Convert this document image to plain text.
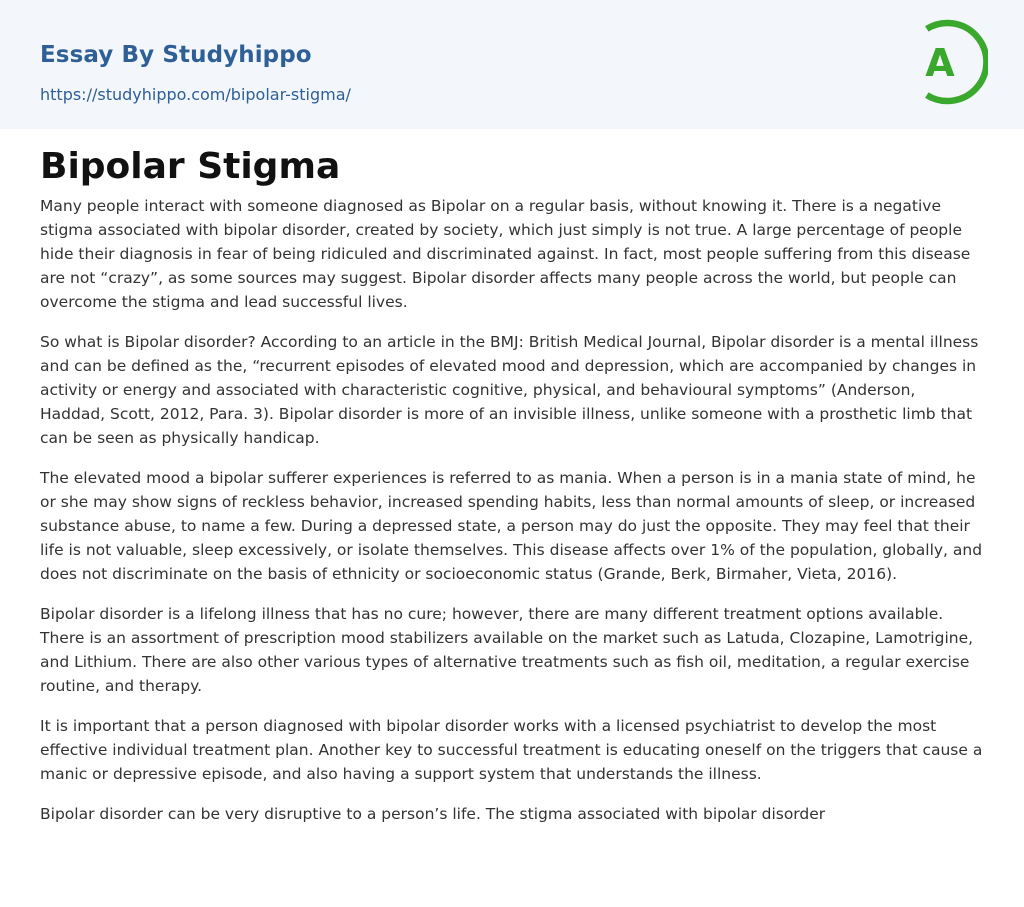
Essay By Studyhippo
https://studyhippo.com/bipolar-stigma/
A
Bipolar Stigma

Many people interact with someone diagnosed as Bipolar on a regular basis, without knowing it. There is a negative stigma associated with bipolar disorder, created by society, which just simply is not true. A large percentage of people hide their diagnosis in fear of being ridiculed and discriminated against. In fact, most people suffering from this disease are not “crazy”, as some sources may suggest. Bipolar disorder affects many people across the world, but people can overcome the stigma and lead successful lives.

So what is Bipolar disorder? According to an article in the BMJ: British Medical Journal, Bipolar disorder is a mental illness and can be defined as the, “recurrent episodes of elevated mood and depression, which are accompanied by changes in activity or energy and associated with characteristic cognitive, physical, and behavioural symptoms” (Anderson, Haddad, Scott, 2012, Para. 3). Bipolar disorder is more of an invisible illness, unlike someone with a prosthetic limb that can be seen as physically handicap.

The elevated mood a bipolar sufferer experiences is referred to as mania. When a person is in a mania state of mind, he or she may show signs of reckless behavior, increased spending habits, less than normal amounts of sleep, or increased substance abuse, to name a few. During a depressed state, a person may do just the opposite. They may feel that their life is not valuable, sleep excessively, or isolate themselves. This disease affects over 1% of the population, globally, and does not discriminate on the basis of ethnicity or socioeconomic status (Grande, Berk, Birmaher, Vieta, 2016).

Bipolar disorder is a lifelong illness that has no cure; however, there are many different treatment options available. There is an assortment of prescription mood stabilizers available on the market such as Latuda, Clozapine, Lamotrigine, and Lithium. There are also other various types of alternative treatments such as fish oil, meditation, a regular exercise routine, and therapy.

It is important that a person diagnosed with bipolar disorder works with a licensed psychiatrist to develop the most effective individual treatment plan. Another key to successful treatment is educating oneself on the triggers that cause a manic or depressive episode, and also having a support system that understands the illness.

Bipolar disorder can be very disruptive to a person’s life. The stigma associated with bipolar disorder
